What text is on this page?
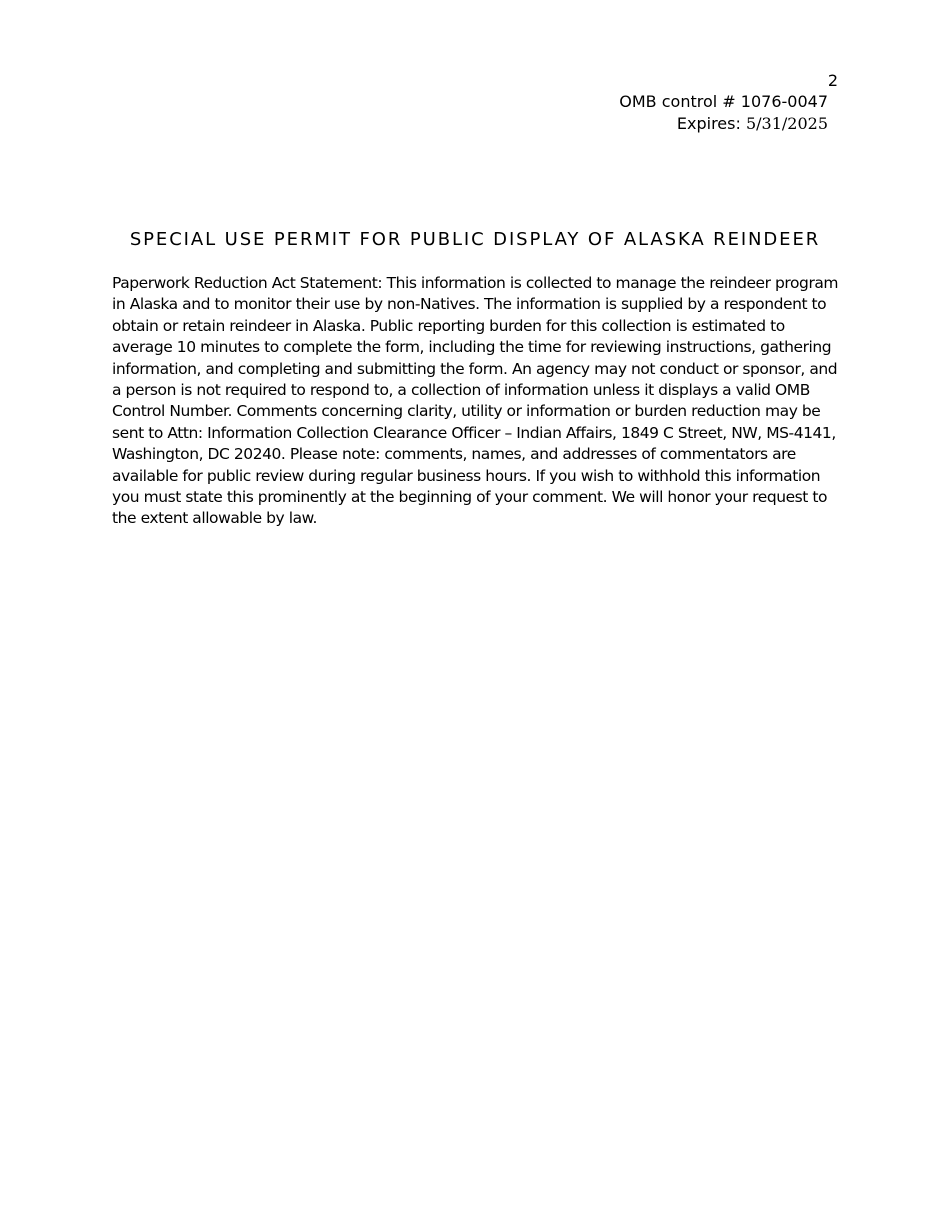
2
OMB control # 1076-0047
Expires: 5/31/2025
SPECIAL USE PERMIT FOR PUBLIC DISPLAY OF ALASKA REINDEER

Paperwork Reduction Act Statement: This information is collected to manage the reindeer program in Alaska and to monitor their use by non-Natives. The information is supplied by a respondent to obtain or retain reindeer in Alaska. Public reporting burden for this collection is estimated to average 10 minutes to complete the form, including the time for reviewing instructions, gathering information, and completing and submitting the form. An agency may not conduct or sponsor, and a person is not required to respond to, a collection of information unless it displays a valid OMB Control Number. Comments concerning clarity, utility or information or burden reduction may be sent to Attn: Information Collection Clearance Officer – Indian Affairs, 1849 C Street, NW, MS-4141, Washington, DC 20240. Please note: comments, names, and addresses of commentators are available for public review during regular business hours. If you wish to withhold this information you must state this prominently at the beginning of your comment. We will honor your request to the extent allowable by law.
